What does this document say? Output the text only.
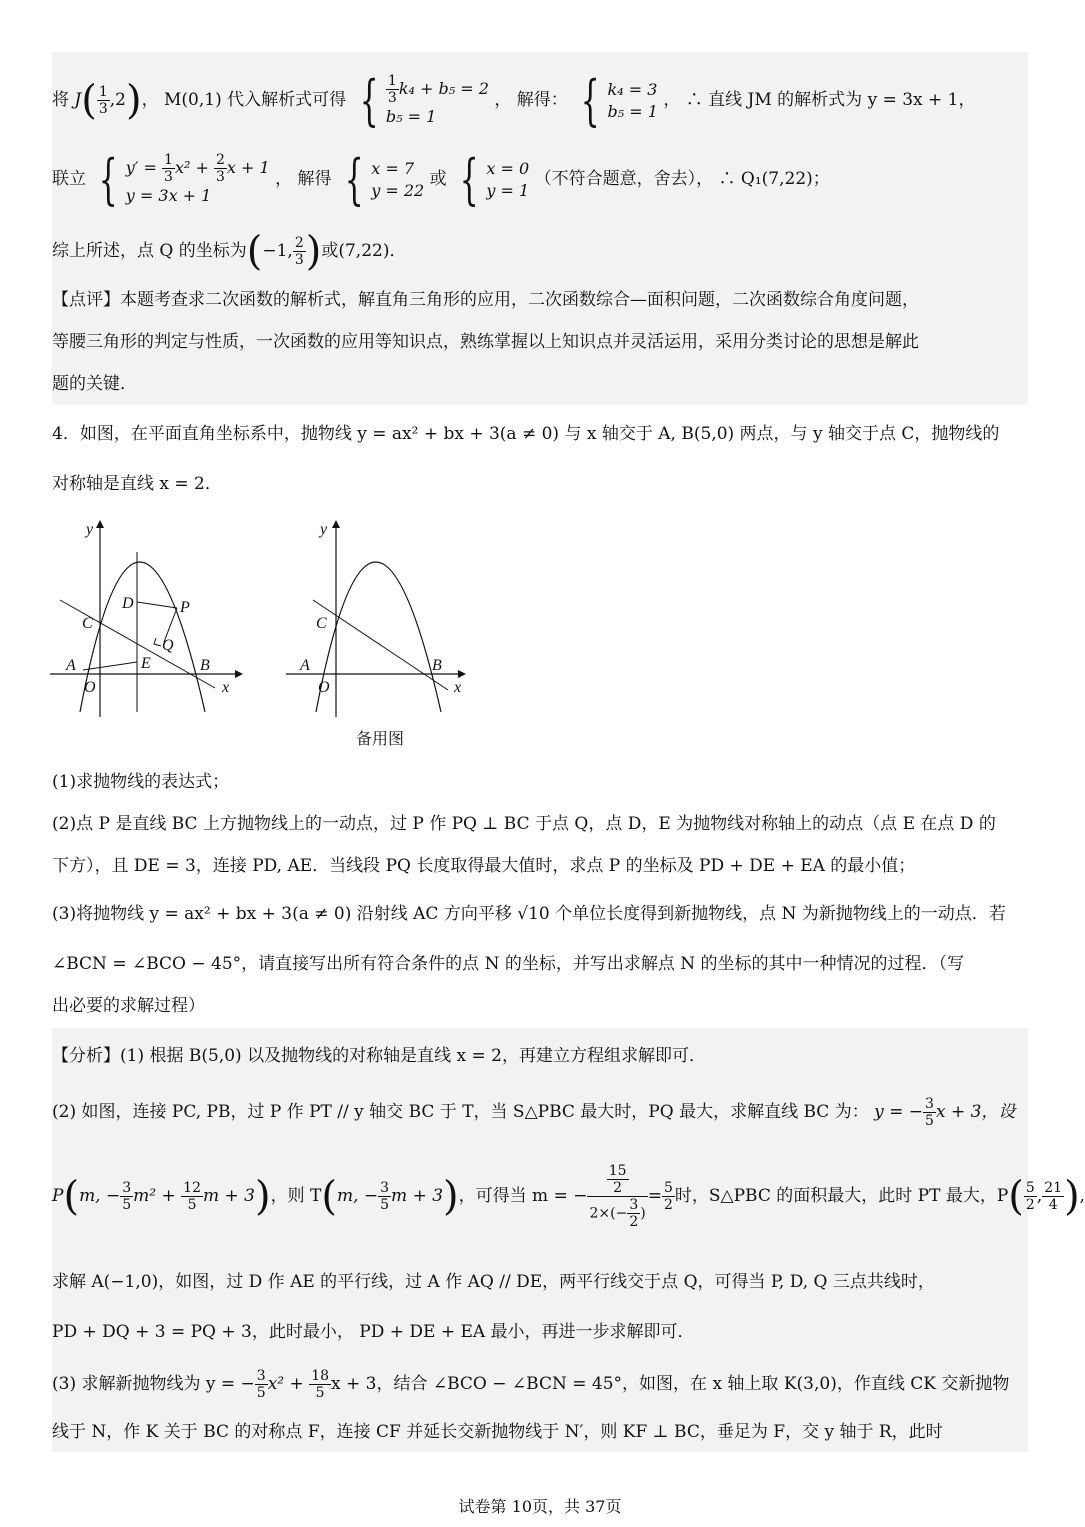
将 $J( \frac{1}{3} ,2)$， M(0,1) 代入解析式可得 { $\frac{1}{3} k_4 + b_5 = 2$
b₅ = 1
， 解得： { k₄ = 3
b₅ = 1
， ∴ 直线 JM 的解析式为 y = 3x + 1，
联立 { $y' = \frac{1}{3} x^2 + \frac{2}{3}$ x + 1
y = 3x + 1
， 解得 { x = 7
y = 22
或 { x = 0
y = 1
（不符合题意，舍去）， ∴ Q₁(7,22)；
综上所述，点 Q 的坐标为(−1, $\frac{2}{3}$ )或(7,22)．
【点评】本题考查求二次函数的解析式，解直角三角形的应用，二次函数综合—面积问题，二次函数综合角度问题，
等腰三角形的判定与性质，一次函数的应用等知识点，熟练掌握以上知识点并灵活运用，采用分类讨论的思想是解此
题的关键．
4．如图，在平面直角坐标系中，抛物线 y = ax² + bx + 3(a ≠ 0) 与 x 轴交于 A, B(5,0) 两点，与 y 轴交于点 C，抛物线的
对称轴是直线 x = 2．
y
x
O
A	B
C
D
E
P
Q
y
x
O
A	B
C
备用图
(1)求抛物线的表达式；
(2)点 P 是直线 BC 上方抛物线上的一动点，过 P 作 PQ ⊥ BC 于点 Q，点 D，E 为抛物线对称轴上的动点（点 E 在点 D 的
下方），且 DE = 3，连接 PD, AE．当线段 PQ 长度取得最大值时，求点 P 的坐标及 PD + DE + EA 的最小值；
(3)将抛物线 y = ax² + bx + 3(a ≠ 0) 沿射线 AC 方向平移 √10 个单位长度得到新抛物线，点 N 为新抛物线上的一动点．若
∠BCN = ∠BCO − 45°，请直接写出所有符合条件的点 N 的坐标，并写出求解点 N 的坐标的其中一种情况的过程．（写
出必要的求解过程）
【分析】(1) 根据 B(5,0) 以及抛物线的对称轴是直线 x = 2，再建立方程组求解即可．
(2) 如图，连接 PC, PB，过 P 作 PT // y 轴交 BC 于 T，当 S△PBC 最大时，PQ 最大，求解直线 BC 为： y = − $\frac{3}{5}$ x + 3，设
P(m, − $\frac{3}{5} m^2 + \frac{12}{5}$ m + 3)，则 T(m, − $\frac{3}{5}$ m + 3)，可得当 m = − $\frac{\frac{15}{2}}{2\times(- \frac{3}{2} )} = \frac{5}{2}$ 时，S△PBC 的面积最大，此时 PT 最大，$P( \frac{5}{2}$ , $\frac{21}{4}$ ),
求解 A(−1,0)，如图，过 D 作 AE 的平行线，过 A 作 AQ // DE，两平行线交于点 Q，可得当 P, D, Q 三点共线时，
PD + DQ + 3 = PQ + 3，此时最小， PD + DE + EA 最小，再进一步求解即可．
(3) 求解新抛物线为 y = − $\frac{3}{5} x^2 + \frac{18}{5}$ x + 3，结合 ∠BCO − ∠BCN = 45°，如图，在 x 轴上取 K(3,0)，作直线 CK 交新抛物
线于 N，作 K 关于 BC 的对称点 F，连接 CF 并延长交新抛物线于 N′，则 KF ⊥ BC，垂足为 F，交 y 轴于 R，此时
试卷第 10页，共 37页
